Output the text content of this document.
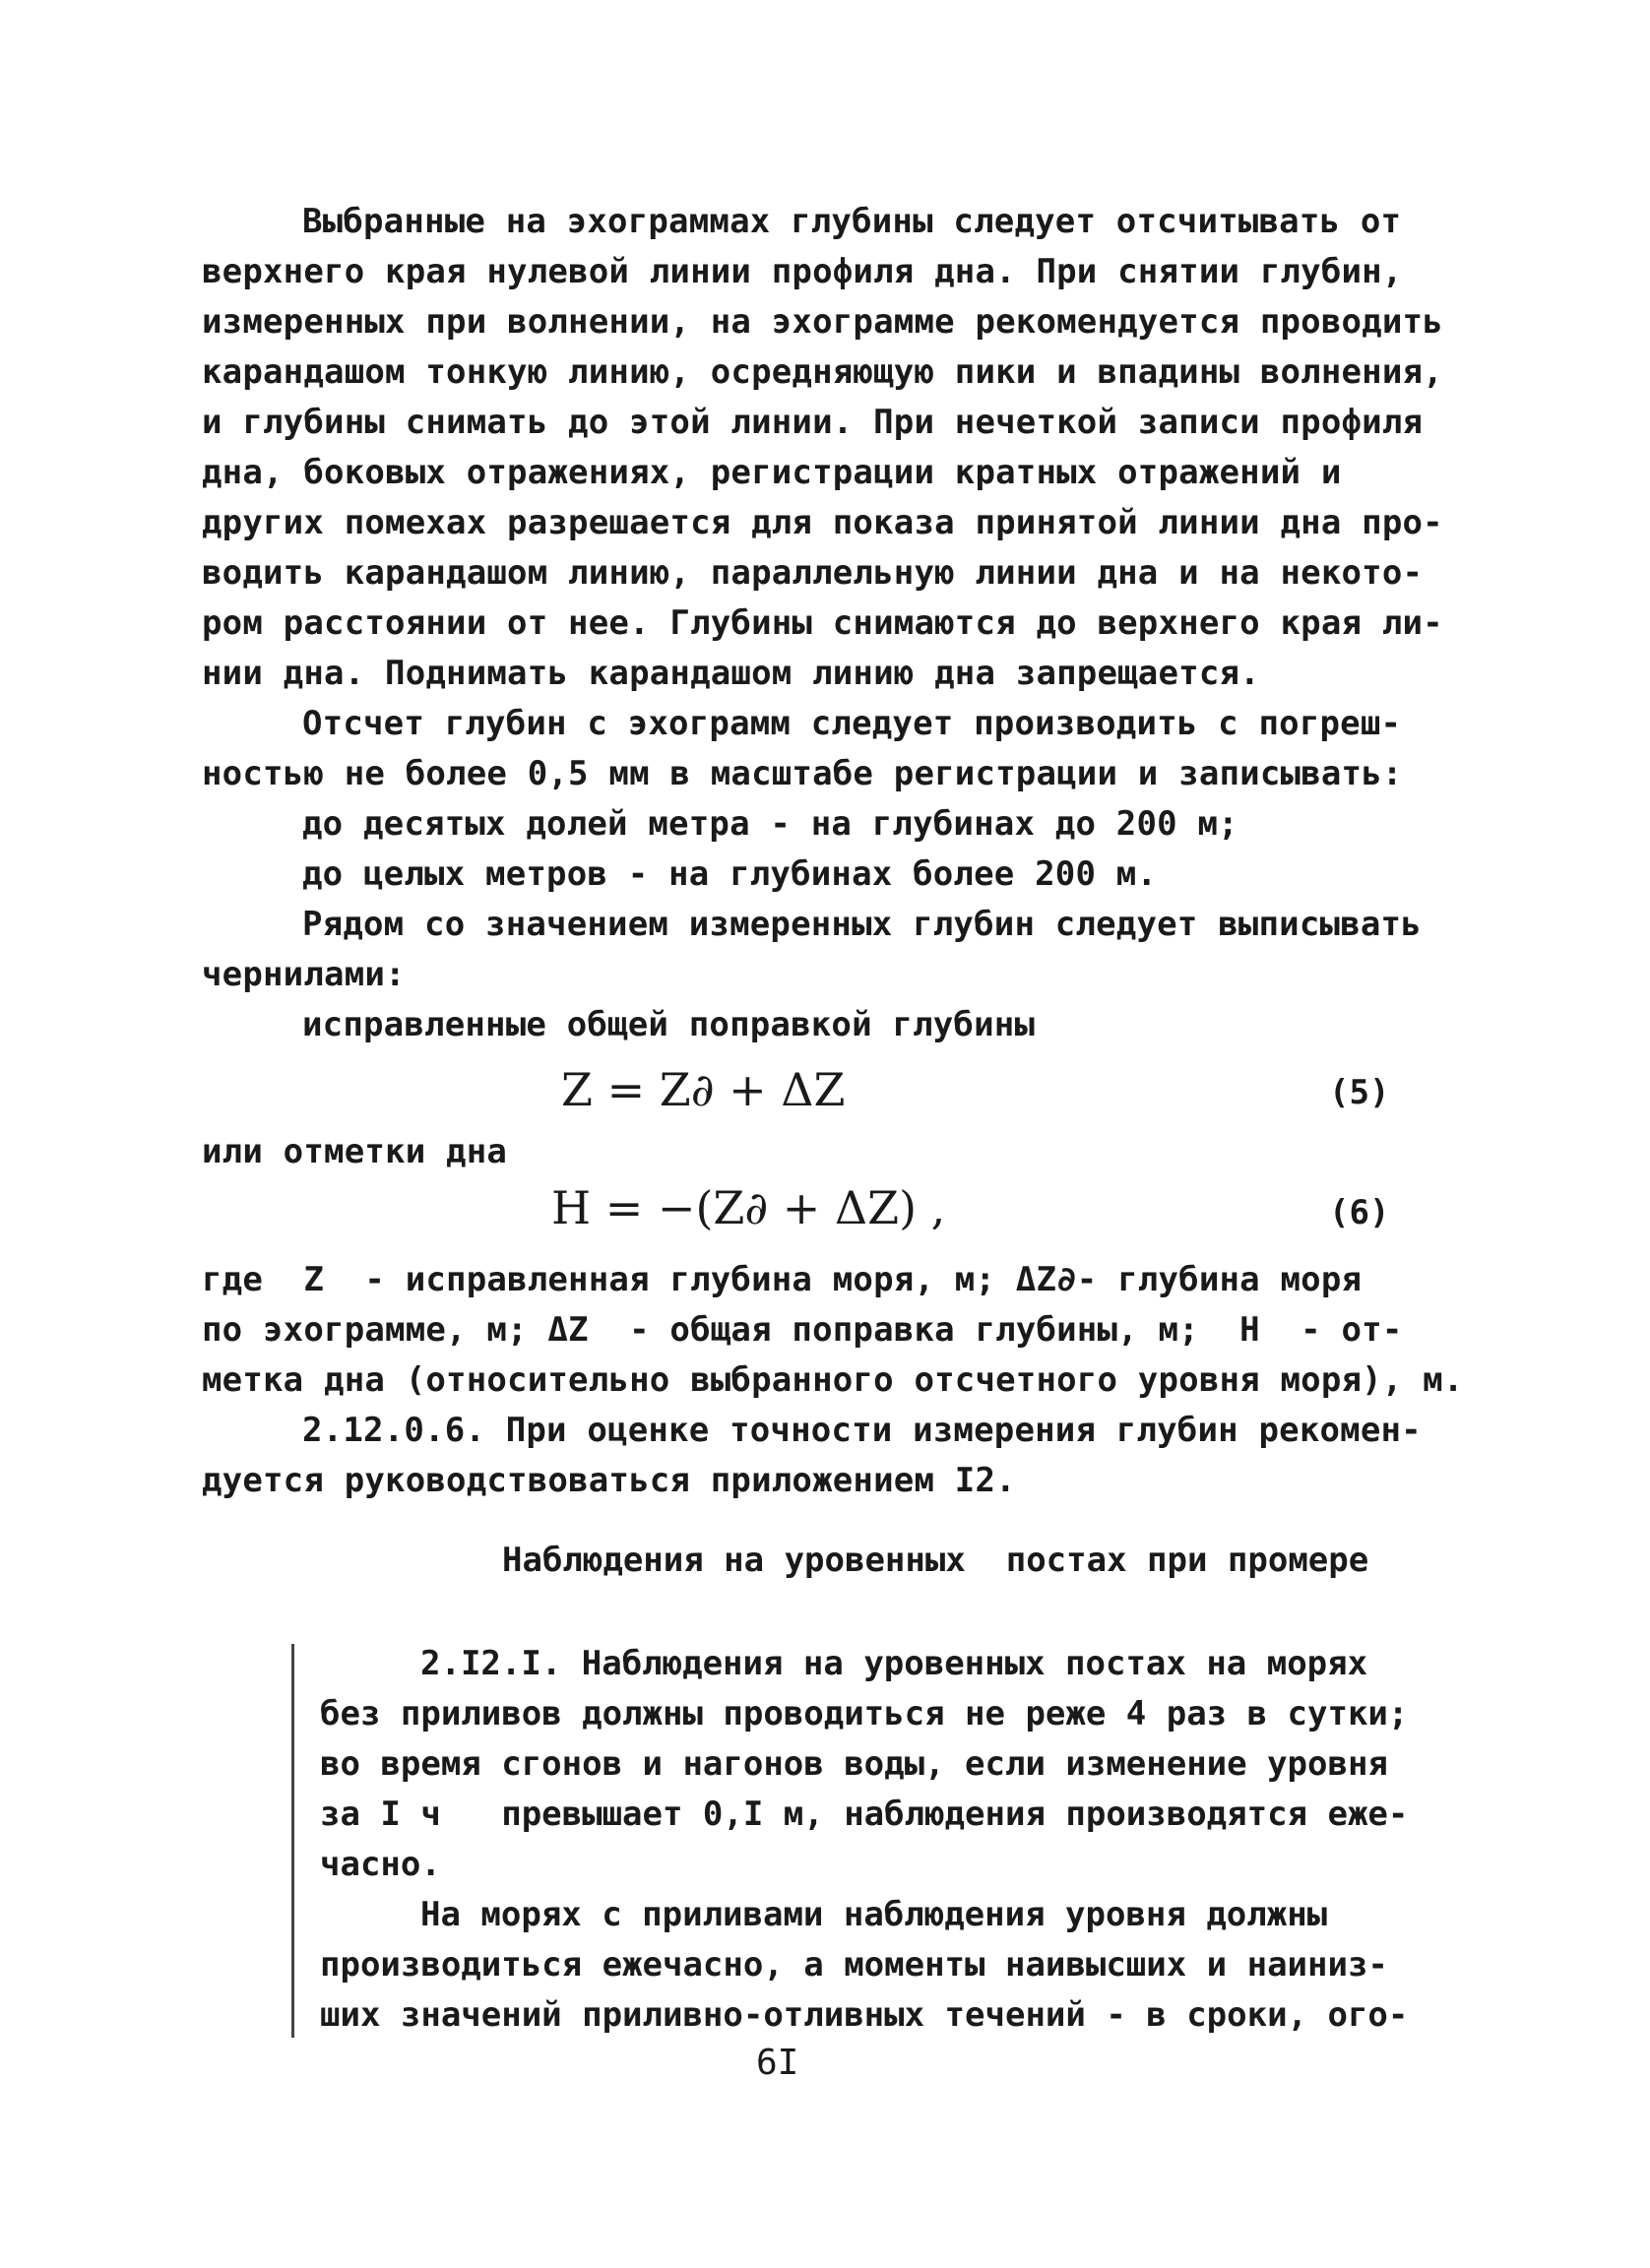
Выбранные на эхограммах глубины следует отсчитывать от
верхнего края нулевой линии профиля дна. При снятии глубин,
измеренных при волнении, на эхограмме рекомендуется проводить
карандашом тонкую линию, осредняющую пики и впадины волнения,
и глубины снимать до этой линии. При нечеткой записи профиля
дна, боковых отражениях, регистрации кратных отражений и
других помехах разрешается для показа принятой линии дна про-
водить карандашом линию, параллельную линии дна и на некото-
ром расстоянии от нее. Глубины снимаются до верхнего края ли-
нии дна. Поднимать карандашом линию дна запрещается.
Отсчет глубин с эхограмм следует производить с погреш-
ностью не более 0,5 мм в масштабе регистрации и записывать:
до десятых долей метра - на глубинах до 200 м;
до целых метров - на глубинах более 200 м.
Рядом со значением измеренных глубин следует выписывать
чернилами:
исправленные общей поправкой глубины
Z = Z∂ + ΔZ	(5)
или отметки дна
H = −(Z∂ + ΔZ) ,	(6)
где  Z  - исправленная глубина моря, м; ΔZ∂- глубина моря
по эхограмме, м; ΔZ  - общая поправка глубины, м;  H  - от-
метка дна (относительно выбранного отсчетного уровня моря), м.
2.12.0.6. При оценке точности измерения глубин рекомен-
дуется руководствоваться приложением I2.
Наблюдения на уровенных  постах при промере
2.I2.I. Наблюдения на уровенных постах на морях
без приливов должны проводиться не реже 4 раз в сутки;
во время сгонов и нагонов воды, если изменение уровня
за I ч   превышает 0,I м, наблюдения производятся еже-
часно.
На морях с приливами наблюдения уровня должны
производиться ежечасно, а моменты наивысших и наиниз-
ших значений приливно-отливных течений - в сроки, ого-
6I
